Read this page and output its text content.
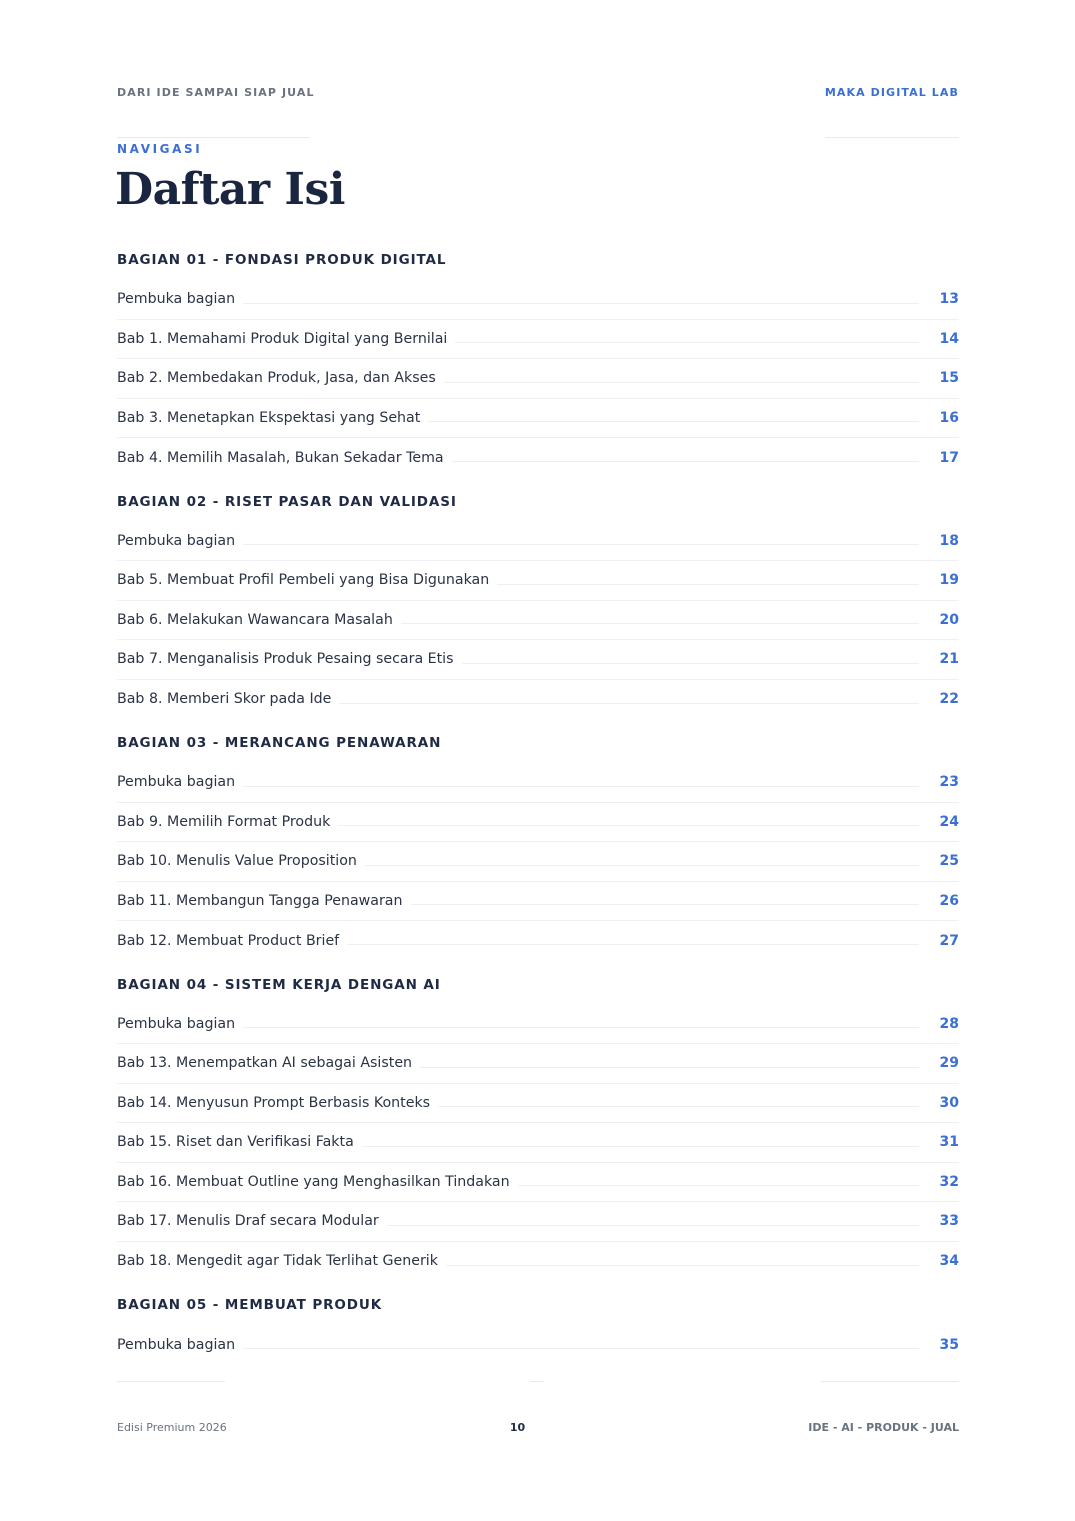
DARI IDE SAMPAI SIAP JUAL	MAKA DIGITAL LAB
NAVIGASI
Daftar Isi
BAGIAN 01 - FONDASI PRODUK DIGITAL
Pembuka bagian	13
Bab 1. Memahami Produk Digital yang Bernilai	14
Bab 2. Membedakan Produk, Jasa, dan Akses	15
Bab 3. Menetapkan Ekspektasi yang Sehat	16
Bab 4. Memilih Masalah, Bukan Sekadar Tema	17
BAGIAN 02 - RISET PASAR DAN VALIDASI
Pembuka bagian	18
Bab 5. Membuat Profil Pembeli yang Bisa Digunakan	19
Bab 6. Melakukan Wawancara Masalah	20
Bab 7. Menganalisis Produk Pesaing secara Etis	21
Bab 8. Memberi Skor pada Ide	22
BAGIAN 03 - MERANCANG PENAWARAN
Pembuka bagian	23
Bab 9. Memilih Format Produk	24
Bab 10. Menulis Value Proposition	25
Bab 11. Membangun Tangga Penawaran	26
Bab 12. Membuat Product Brief	27
BAGIAN 04 - SISTEM KERJA DENGAN AI
Pembuka bagian	28
Bab 13. Menempatkan AI sebagai Asisten	29
Bab 14. Menyusun Prompt Berbasis Konteks	30
Bab 15. Riset dan Verifikasi Fakta	31
Bab 16. Membuat Outline yang Menghasilkan Tindakan	32
Bab 17. Menulis Draf secara Modular	33
Bab 18. Mengedit agar Tidak Terlihat Generik	34
BAGIAN 05 - MEMBUAT PRODUK
Pembuka bagian	35
Edisi Premium 2026	10	IDE - AI - PRODUK - JUAL
